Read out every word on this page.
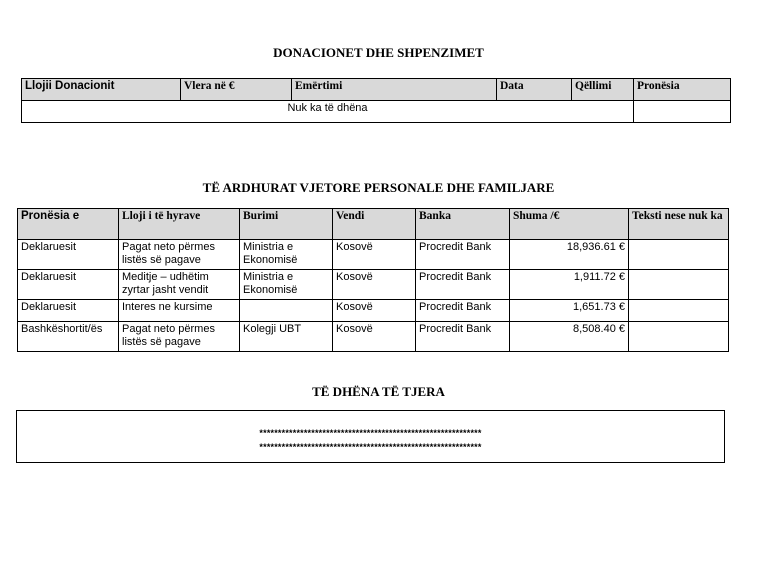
DONACIONET DHE SHPENZIMET
Llojii Donacionit	Vlera në €	Emërtimi	Data	Qëllimi	Pronësia
Nuk ka të dhëna					
TË ARDHURAT VJETORE PERSONALE DHE FAMILJARE
Pronësia e	Lloji i të hyrave	Burimi	Vendi	Banka	Shuma /€	Teksti nese nuk ka
Deklaruesit	Pagat neto përmes listës së pagave	Ministria e Ekonomisë	Kosovë	Procredit Bank	18,936.61 €	
Deklaruesit	Meditje – udhëtim zyrtar jasht vendit	Ministria e Ekonomisë	Kosovë	Procredit Bank	1,911.72 €	
Deklaruesit	Interes ne kursime		Kosovë	Procredit Bank	1,651.73 €	
Bashkëshortit/ës	Pagat neto përmes listës së pagave	Kolegji UBT	Kosovë	Procredit Bank	8,508.40 €	
TË DHËNA TË TJERA
************************************************************
************************************************************
